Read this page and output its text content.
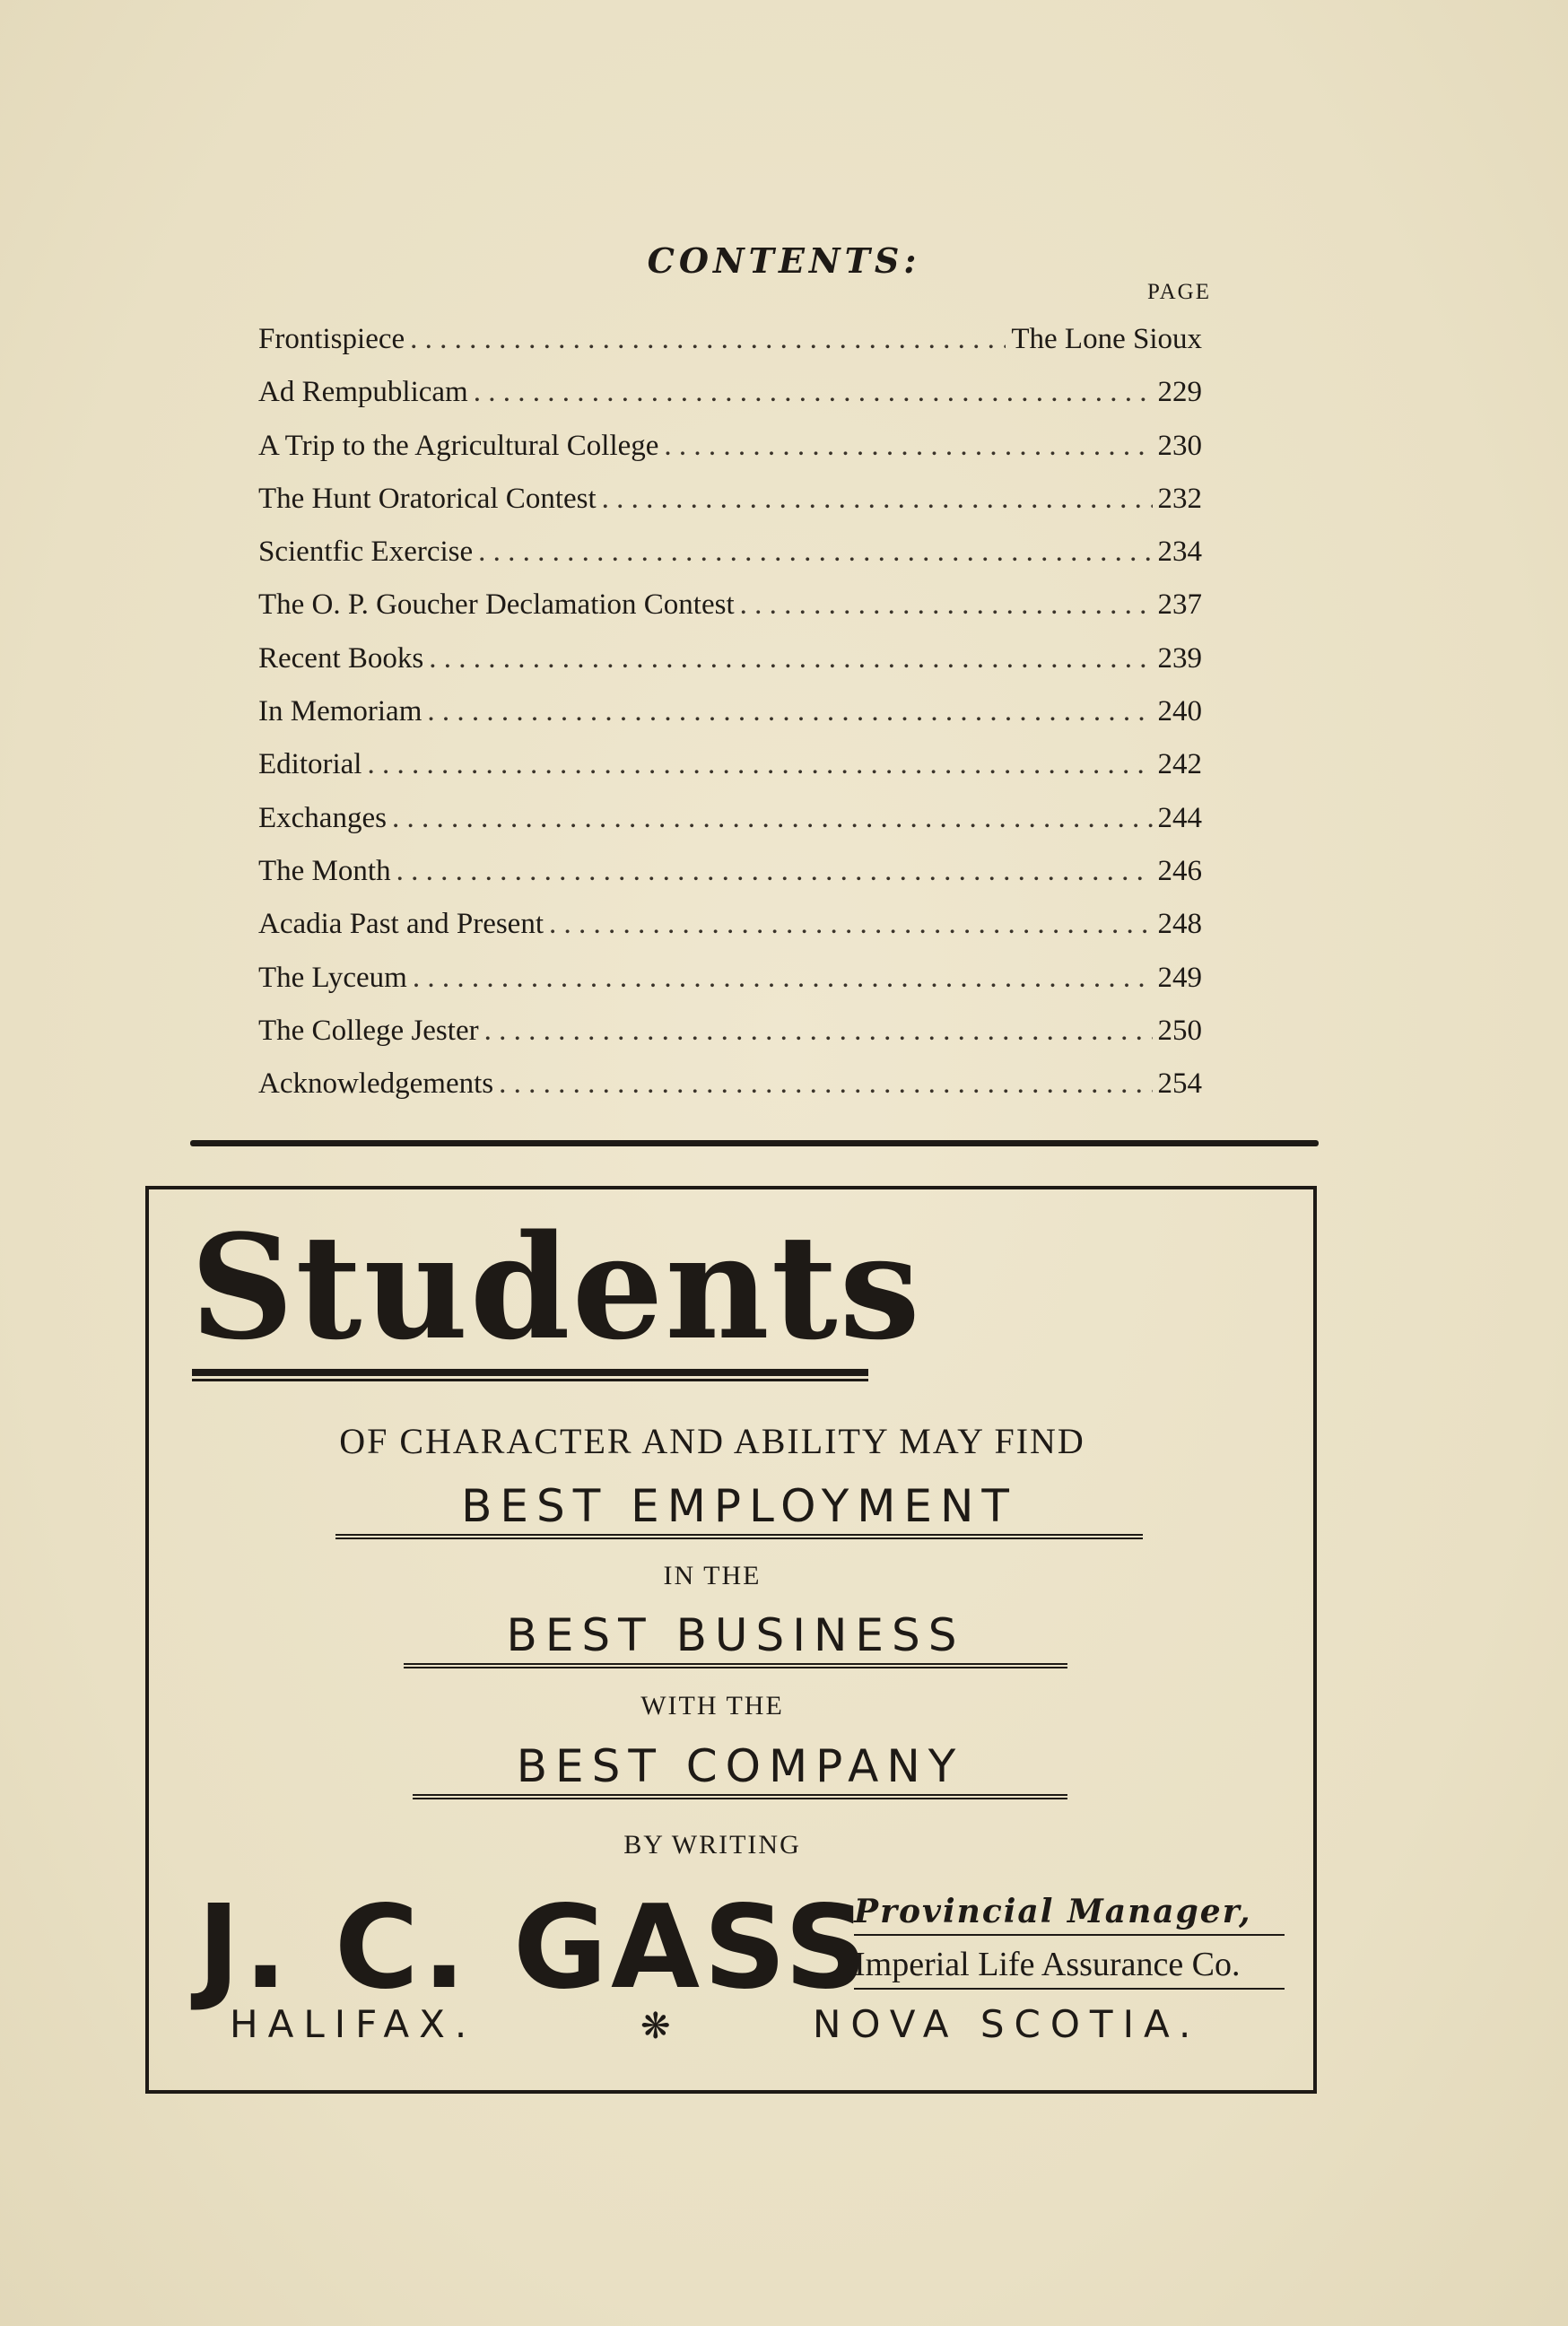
CONTENTS:
PAGE
Frontispiece . . .	The Lone Sioux
Ad Rempublicam . . .	229
A Trip to the Agricultural College . . .	230
The Hunt Oratorical Contest . . .	232
Scientfic Exercise . . .	234
The O. P. Goucher Declamation Contest . . .	237
Recent Books . . .	239
In Memoriam . . .	240
Editorial . . .	242
Exchanges . . .	244
The Month . . .	246
Acadia Past and Present . . .	248
The Lyceum . . .	249
The College Jester . . .	250
Acknowledgements . . .	254
Students
OF CHARACTER AND ABILITY MAY FIND
BEST EMPLOYMENT
IN THE
BEST BUSINESS
WITH THE
BEST COMPANY
BY WRITING
J. C. GASS
Provincial Manager,
Imperial Life Assurance Co.
HALIFAX.	❋	NOVA SCOTIA.
